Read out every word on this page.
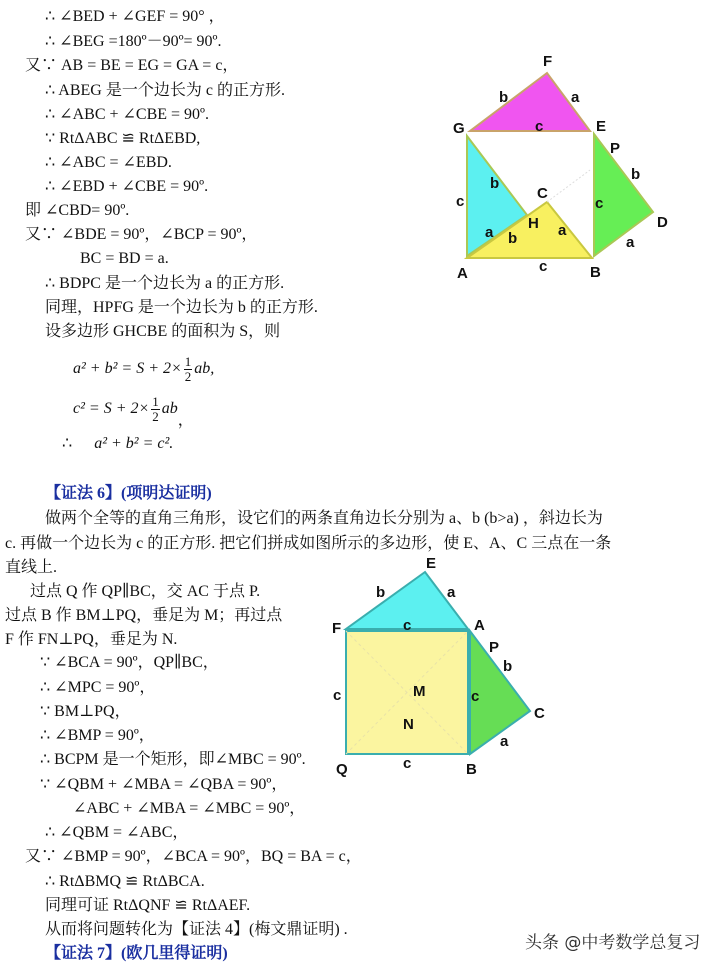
∴ ∠BED + ∠GEF = 90° ，
∴ ∠BEG =180º－90º= 90º.
又∵ AB = BE = EG = GA = c，
∴ ABEG 是一个边长为 c 的正方形.
∴ ∠ABC + ∠CBE = 90º.
∵ RtΔABC ≌ RtΔEBD,
∴ ∠ABC = ∠EBD.
∴ ∠EBD + ∠CBE = 90º.
即 ∠CBD= 90º.
又∵ ∠BDE = 90º，∠BCP = 90º，
BC = BD = a.
∴ BDPC 是一个边长为 a 的正方形.
同理，HPFG 是一个边长为 b 的正方形.
设多边形 GHCBE 的面积为 S，则
$a^2 + b^2 = S + 2\times \frac{1}{2}$ ab,
$c^2 = S + 2\times \frac{1}{2}$ ab，
∴ a² + b² = c².
F
G	E
P
C
H
A	B
D
b	a
c
c
b
a b	a
c
c
b
a
E
F	A
P
M
N
C
Q	B
b	a
c
b
c	c
a
c
【证法 6】(项明达证明)
做两个全等的直角三角形，设它们的两条直角边长分别为 a、b (b>a) ，斜边长为
c. 再做一个边长为 c 的正方形. 把它们拼成如图所示的多边形，使 E、A、C 三点在一条
直线上.
过点 Q 作 QP∥BC，交 AC 于点 P.
过点 B 作 BM⊥PQ，垂足为 M；再过点
F 作 FN⊥PQ，垂足为 N.
∵ ∠BCA = 90º，QP∥BC，
∴ ∠MPC = 90º，
∵ BM⊥PQ，
∴ ∠BMP = 90º，
∴ BCPM 是一个矩形，即∠MBC = 90º.
∵ ∠QBM + ∠MBA = ∠QBA = 90º，
∠ABC + ∠MBA = ∠MBC = 90º，
∴ ∠QBM = ∠ABC，
又∵ ∠BMP = 90º，∠BCA = 90º，BQ = BA = c，
∴ RtΔBMQ ≌ RtΔBCA.
同理可证 RtΔQNF ≌ RtΔAEF.
从而将问题转化为【证法 4】(梅文鼎证明) .
【证法 7】(欧几里得证明)
头条 @中考数学总复习
